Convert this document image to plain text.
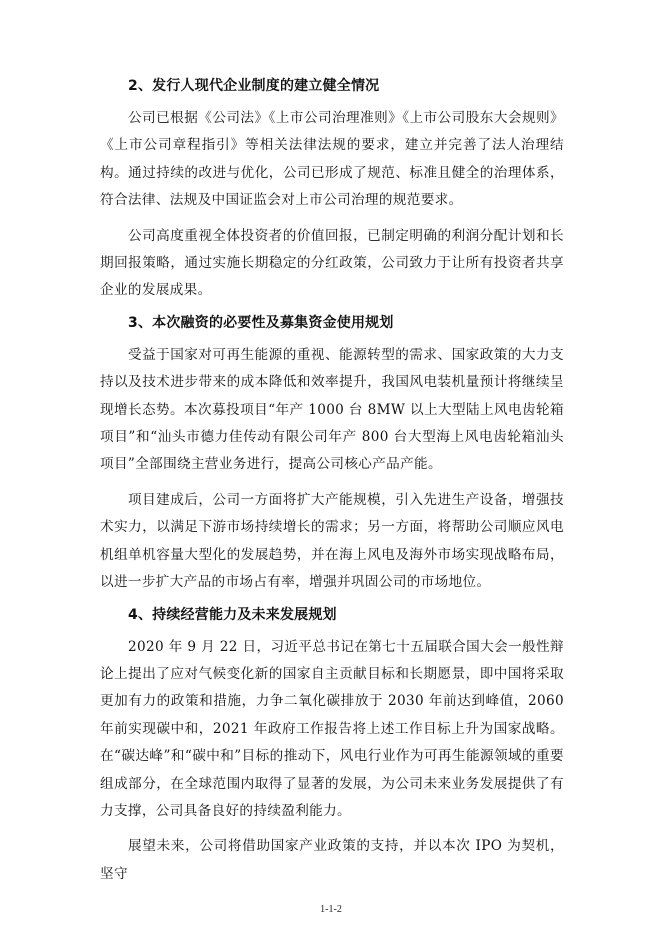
2、发行人现代企业制度的建立健全情况

公司已根据《公司法》《上市公司治理准则》《上市公司股东大会规则》《上市公司章程指引》等相关法律法规的要求，建立并完善了法人治理结构。通过持续的改进与优化，公司已形成了规范、标准且健全的治理体系，符合法律、法规及中国证监会对上市公司治理的规范要求。

公司高度重视全体投资者的价值回报，已制定明确的利润分配计划和长期回报策略，通过实施长期稳定的分红政策，公司致力于让所有投资者共享企业的发展成果。

3、本次融资的必要性及募集资金使用规划

受益于国家对可再生能源的重视、能源转型的需求、国家政策的大力支持以及技术进步带来的成本降低和效率提升，我国风电装机量预计将继续呈现增长态势。本次募投项目“年产 1000 台 8MW 以上大型陆上风电齿轮箱项目”和“汕头市德力佳传动有限公司年产 800 台大型海上风电齿轮箱汕头项目”全部围绕主营业务进行，提高公司核心产品产能。

项目建成后，公司一方面将扩大产能规模，引入先进生产设备，增强技术实力，以满足下游市场持续增长的需求；另一方面，将帮助公司顺应风电机组单机容量大型化的发展趋势，并在海上风电及海外市场实现战略布局，以进一步扩大产品的市场占有率，增强并巩固公司的市场地位。

4、持续经营能力及未来发展规划

2020 年 9 月 22 日，习近平总书记在第七十五届联合国大会一般性辩论上提出了应对气候变化新的国家自主贡献目标和长期愿景，即中国将采取更加有力的政策和措施，力争二氧化碳排放于 2030 年前达到峰值，2060 年前实现碳中和，2021 年政府工作报告将上述工作目标上升为国家战略。在“碳达峰”和“碳中和”目标的推动下，风电行业作为可再生能源领域的重要组成部分，在全球范围内取得了显著的发展，为公司未来业务发展提供了有力支撑，公司具备良好的持续盈利能力。

展望未来，公司将借助国家产业政策的支持，并以本次 IPO 为契机，坚守

1-1-2
